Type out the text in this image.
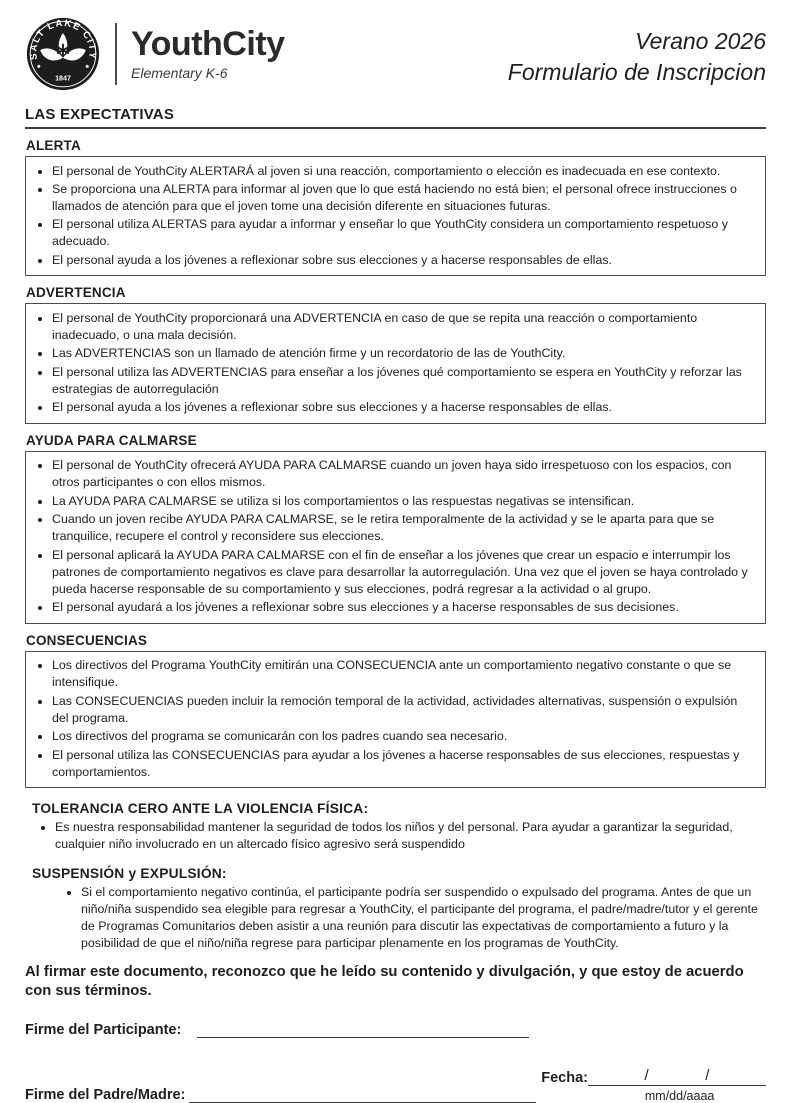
SALT LAKE CITY
1847
YouthCity
Elementary K-6
Verano 2026
Formulario de Inscripcion
LAS EXPECTATIVAS
ALERTA
• El personal de YouthCity ALERTARÁ al joven si una reacción, comportamiento o elección es inadecuada en ese contexto.
• Se proporciona una ALERTA para informar al joven que lo que está haciendo no está bien; el personal ofrece instrucciones o llamados de atención para que el joven tome una decisión diferente en situaciones futuras.
• El personal utiliza ALERTAS para ayudar a informar y enseñar lo que YouthCity considera un comportamiento respetuoso y adecuado.
• El personal ayuda a los jóvenes a reflexionar sobre sus elecciones y a hacerse responsables de ellas.
ADVERTENCIA
• El personal de YouthCity proporcionará una ADVERTENCIA en caso de que se repita una reacción o comportamiento inadecuado, o una mala decisión.
• Las ADVERTENCIAS son un llamado de atención firme y un recordatorio de las de YouthCity.
• El personal utiliza las ADVERTENCIAS para enseñar a los jóvenes qué comportamiento se espera en YouthCity y reforzar las estrategias de autorregulación
• El personal ayuda a los jóvenes a reflexionar sobre sus elecciones y a hacerse responsables de ellas.
AYUDA PARA CALMARSE
• El personal de YouthCity ofrecerá AYUDA PARA CALMARSE cuando un joven haya sido irrespetuoso con los espacios, con otros participantes o con ellos mismos.
• La AYUDA PARA CALMARSE se utiliza si los comportamientos o las respuestas negativas se intensifican.
• Cuando un joven recibe AYUDA PARA CALMARSE, se le retira temporalmente de la actividad y se le aparta para que se tranquilice, recupere el control y reconsidere sus elecciones.
• El personal aplicará la AYUDA PARA CALMARSE con el fin de enseñar a los jóvenes que crear un espacio e interrumpir los patrones de comportamiento negativos es clave para desarrollar la autorregulación. Una vez que el joven se haya controlado y pueda hacerse responsable de su comportamiento y sus elecciones, podrá regresar a la actividad o al grupo.
• El personal ayudará a los jóvenes a reflexionar sobre sus elecciones y a hacerse responsables de sus decisiones.
CONSECUENCIAS
• Los directivos del Programa YouthCity emitirán una CONSECUENCIA ante un comportamiento negativo constante o que se intensifique.
• Las CONSECUENCIAS pueden incluir la remoción temporal de la actividad, actividades alternativas, suspensión o expulsión del programa.
• Los directivos del programa se comunicarán con los padres cuando sea necesario.
• El personal utiliza las CONSECUENCIAS para ayudar a los jóvenes a hacerse responsables de sus elecciones, respuestas y comportamientos.
TOLERANCIA CERO ANTE LA VIOLENCIA FÍSICA:
• Es nuestra responsabilidad mantener la seguridad de todos los niños y del personal. Para ayudar a garantizar la seguridad, cualquier niño involucrado en un altercado físico agresivo será suspendido
SUSPENSIÓN y EXPULSIÓN:
• Si el comportamiento negativo continúa, el participante podría ser suspendido o expulsado del programa. Antes de que un niño/niña suspendido sea elegible para regresar a YouthCity, el participante del programa, el padre/madre/tutor y el gerente de Programas Comunitarios deben asistir a una reunión para discutir las expectativas de comportamiento a futuro y la posibilidad de que el niño/niña regrese para participar plenamente en los programas de YouthCity.
Al firmar este documento, reconozco que he leído su contenido y divulgación, y que estoy de acuerdo con sus términos.
Firme del Participante:
Firme del Padre/Madre:
Fecha:	/	/
mm/dd/aaaa
